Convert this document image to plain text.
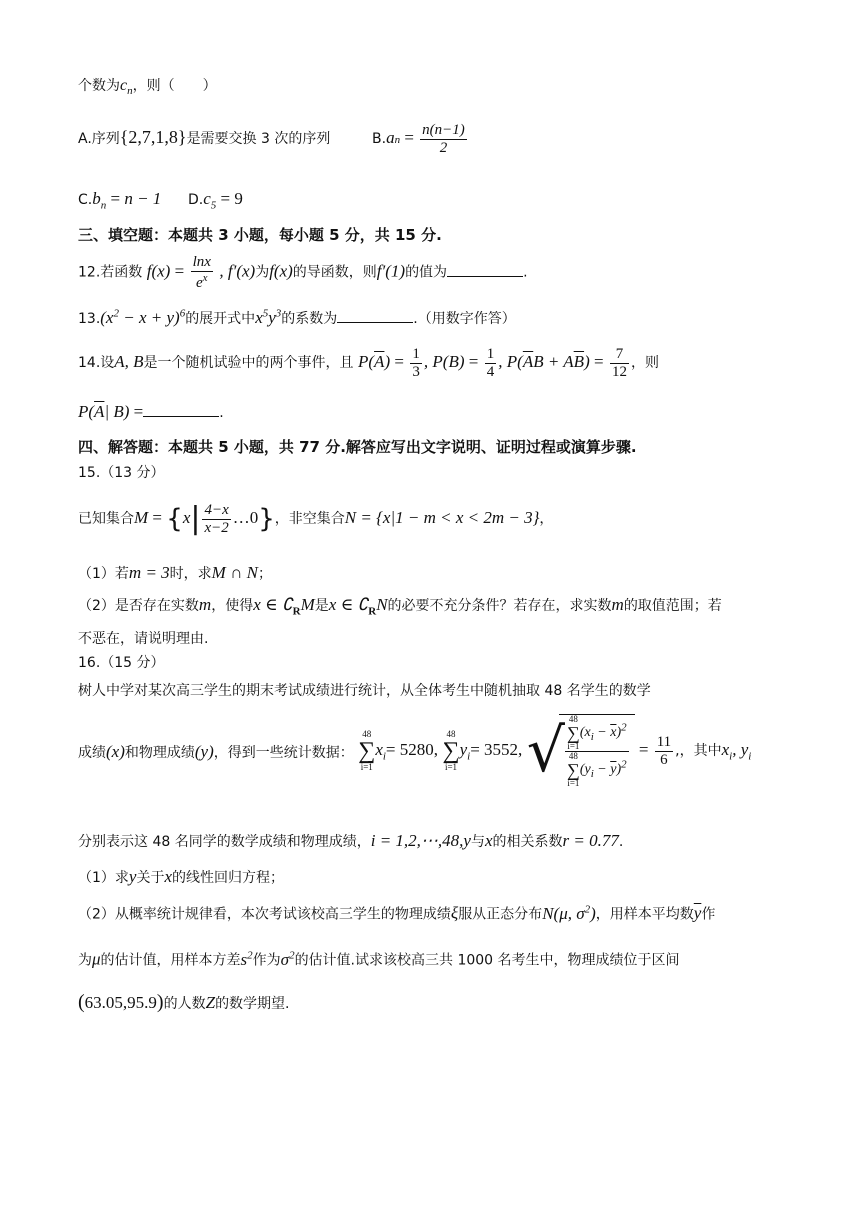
个数为$c_n$，则（　　）
A.序列{2,7,1,8}是需要交换 3 次的序列	$B.an = \frac{n(n-1)}{2}$
$C.b_n = n - 1$ $D.c_5 = 9$
三、填空题：本题共 3 小题，每小题 5 分，共 15 分.
12.若函数 $f(x) = \frac{\ln x}{e^x}$ , f′(x)为f(x)的导函数，则f′(1)的值为	.
$13.(x^2 - x + y)^6$的展开式中$x^5y^3$的系数为	.（用数字作答）
14.设A, B是一个随机试验中的两个事件，且 $P(\overline{A}) = \frac{1}{3}$ , $P(B) = \frac{1}{4}$ , $P(\overline{A}B + A\overline{B}) = \frac{7}{12}$ ，则
$P(\overline{A}|$ B) =	.
四、解答题：本题共 5 小题，共 77 分.解答应写出文字说明、证明过程或演算步骤.
15.（13 分）
已知集合$M = \{x| \frac{4-x}{x-2}$ …0}，非空集合N = {x|1 − m < x < 2m − 3}，
（1）若m = 3时，求M ∩ N；
（2）是否存在实数m，使得x ∈ $∁_RM$是x ∈ $∁_RN$的必要不充分条件？若存在，求实数m的取值范围；若
不恶在，请说明理由.
16.（15 分）
树人中学对某次高三学生的期末考试成绩进行统计，从全体考生中随机抽取 48 名学生的数学
成绩(x)和物理成绩(y)，得到一些统计数据：
48
∑
i=1
$x_i= 5280$,
48
∑
i=1
$y_i= 3552$, √ 48
∑
i=1
$(x_i - \overline{x})^2$
48
∑
i=1
$(y_i - \overline{y})^2 = \frac{11}{6}$ ,，其中$x_i$, $y_i$
分别表示这 48 名同学的数学成绩和物理成绩，i = 1,2,⋯,48,y与x的相关系数r = 0.77.
（1）求y关于x的线性回归方程；
（2）从概率统计规律看，本次考试该校高三学生的物理成绩ξ服从正态分布N(μ, $\sigma^2$)，用样本平均数$\overline{y}$作
为μ的估计值，用样本方差$s^2$作为$\sigma^2$的估计值.试求该校高三共 1000 名考生中，物理成绩位于区间
(63.05,95.9)的人数Z的数学期望.
